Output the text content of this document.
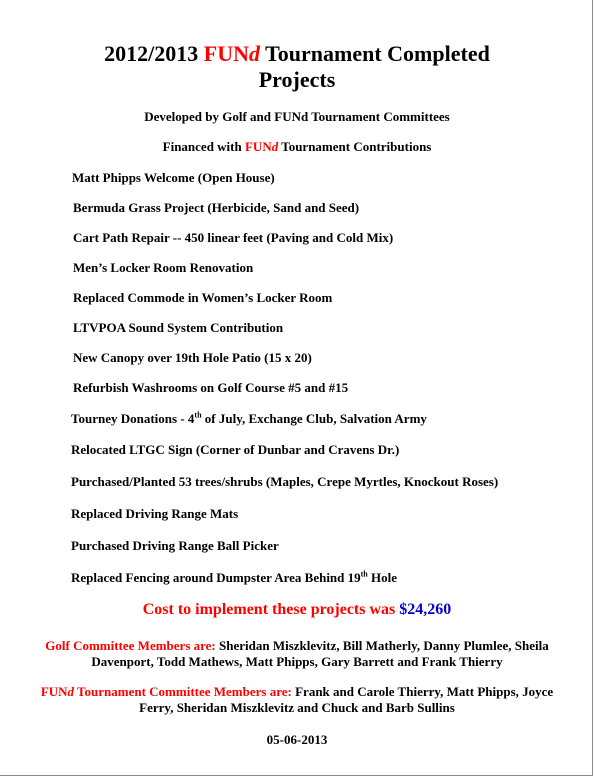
2012/2013 FUNd Tournament Completed
Projects
Developed by Golf and FUNd Tournament Committees
Financed with FUNd Tournament Contributions
Matt Phipps Welcome (Open House)
Bermuda Grass Project (Herbicide, Sand and Seed)
Cart Path Repair -- 450 linear feet (Paving and Cold Mix)
Men’s Locker Room Renovation
Replaced Commode in Women’s Locker Room
LTVPOA Sound System Contribution
New Canopy over 19th Hole Patio (15 x 20)
Refurbish Washrooms on Golf Course #5 and #15
Tourney Donations - 4th of July, Exchange Club, Salvation Army
Relocated LTGC Sign (Corner of Dunbar and Cravens Dr.)
Purchased/Planted 53 trees/shrubs (Maples, Crepe Myrtles, Knockout Roses)
Replaced Driving Range Mats
Purchased Driving Range Ball Picker
Replaced Fencing around Dumpster Area Behind 19th Hole
Cost to implement these projects was $24,260
Golf Committee Members are: Sheridan Miszklevitz, Bill Matherly, Danny Plumlee, Sheila Davenport, Todd Mathews, Matt Phipps, Gary Barrett and Frank Thierry
FUNd Tournament Committee Members are: Frank and Carole Thierry, Matt Phipps, Joyce Ferry, Sheridan Miszklevitz and Chuck and Barb Sullins
05-06-2013
